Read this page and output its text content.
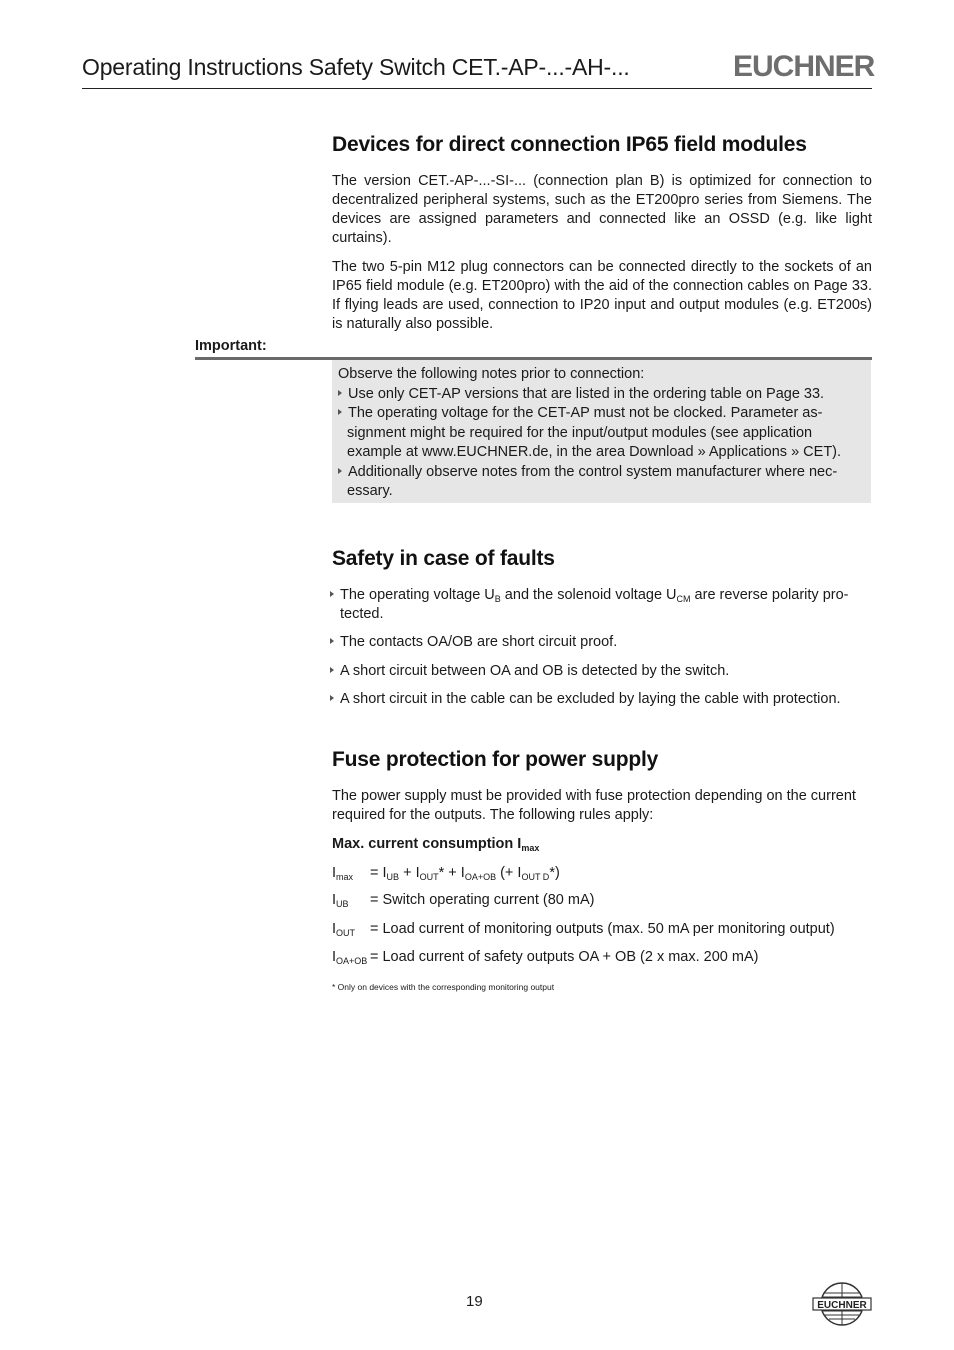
Operating Instructions Safety Switch CET.-AP-...-AH-...	EUCHNER
Devices for direct connection IP65 field modules

The version CET.-AP-...-SI-... (connection plan B) is optimized for connection to decentralized peripheral systems, such as the ET200pro series from Siemens. The devices are assigned parameters and connected like an OSSD (e.g. like light curtains).

The two 5-pin M12 plug connectors can be connected directly to the sockets of an IP65 field module (e.g. ET200pro) with the aid of the connection cables on Page 33. If flying leads are used, connection to IP20 input and output modules (e.g. ET200s) is naturally also possible.

Important:
Observe the following notes prior to connection:
Use only CET-AP versions that are listed in the ordering table on Page 33.
The operating voltage for the CET-AP must not be clocked. Parameter as-
signment might be required for the input/output modules (see application
example at www.EUCHNER.de, in the area Download » Applications » CET).
Additionally observe notes from the control system manufacturer where nec-
essary.
Safety in case of faults
The operating voltage $U_B$ and the solenoid voltage $U_{CM}$ are reverse polarity pro-
tected.
The contacts OA/OB are short circuit proof.
A short circuit between OA and OB is detected by the switch.
A short circuit in the cable can be excluded by laying the cable with protection.
Fuse protection for power supply
The power supply must be provided with fuse protection depending on the current
required for the outputs. The following rules apply:
Max. current consumption $I_{max}$
$I_{max} = I_{UB} + I_{OUT}* + I_{OA+OB}$ (+ $I_{OUT D}*$)
$I_{UB}$ = Switch operating current (80 mA)
$I_{OUT}$ = Load current of monitoring outputs (max. 50 mA per monitoring output)
$I_{OA+OB}$ = Load current of safety outputs OA + OB (2 x max. 200 mA)
* Only on devices with the corresponding monitoring output
19	EUCHNER
